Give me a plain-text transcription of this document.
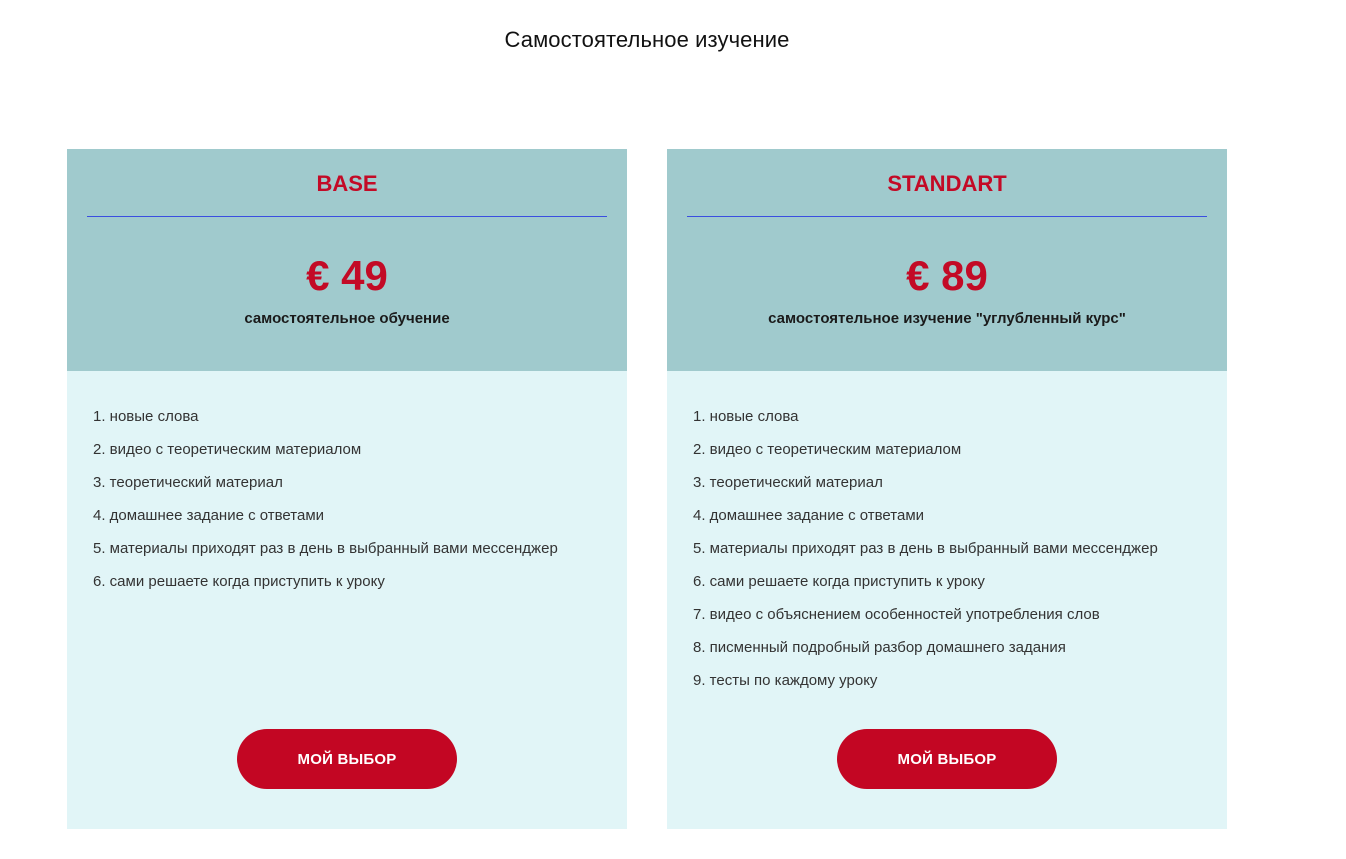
Самостоятельное изучение
BASE
€ 49
самостоятельное обучение
1. новые слова
2. видео с теоретическим материалом
3. теоретический материал
4. домашнее задание с ответами
5. материалы приходят раз в день в выбранный вами мессенджер
6. сами решаете когда приступить к уроку
МОЙ ВЫБОР
STANDART
€ 89
самостоятельное изучение "углубленный курс"
1. новые слова
2. видео с теоретическим материалом
3. теоретический материал
4. домашнее задание с ответами
5. материалы приходят раз в день в выбранный вами мессенджер
6. сами решаете когда приступить к уроку
7. видео с объяснением особенностей употребления слов
8. писменный подробный разбор домашнего задания
9. тесты по каждому уроку
МОЙ ВЫБОР
